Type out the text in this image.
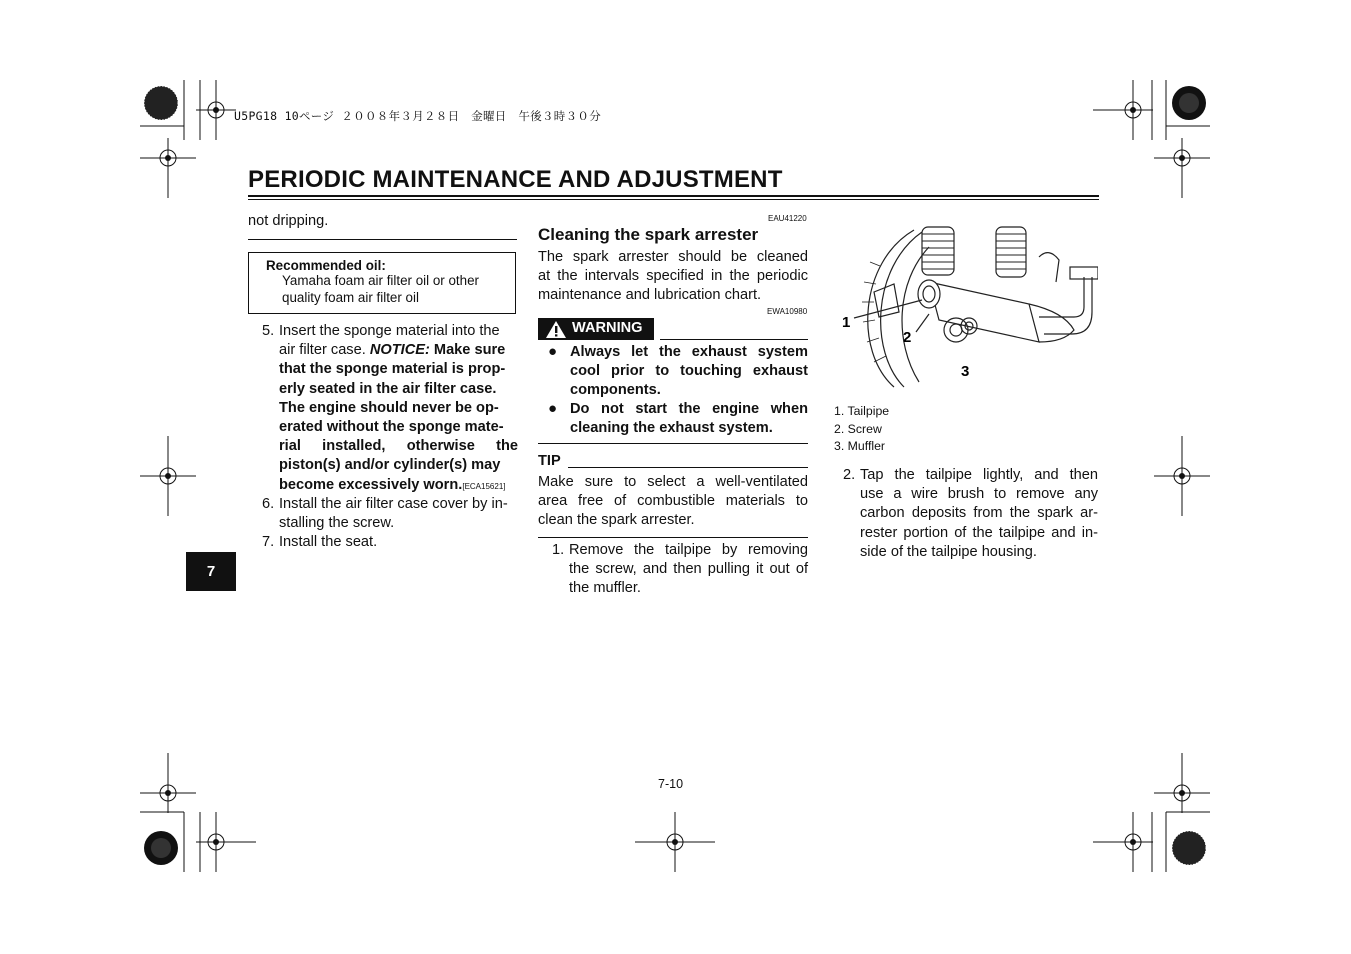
U5PG18 10ページ ２００８年３月２８日　金曜日　午後３時３０分
PERIODIC MAINTENANCE AND ADJUSTMENT
not dripping.
Recommended oil:
Yamaha foam air filter oil or other
quality foam air filter oil
5. Insert the sponge material into the
air filter case. NOTICE: Make sure
that the sponge material is prop-
erly seated in the air filter case.
The engine should never be op-
erated without the sponge mate-
rial installed, otherwise the
piston(s) and/or cylinder(s) may
become excessively worn.[ECA15621]
6. Install the air filter case cover by in-
stalling the screw.
7. Install the seat.
7
EAU41220
Cleaning the spark arrester
The spark arrester should be cleaned
at the intervals specified in the periodic
maintenance and lubrication chart.
EWA10980
WARNING
● Always let the exhaust system
cool prior to touching exhaust
components.
● Do not start the engine when
cleaning the exhaust system.
TIP
Make sure to select a well-ventilated
area free of combustible materials to
clean the spark arrester.
1. Remove the tailpipe by removing
the screw, and then pulling it out of
the muffler.
1
2
3
1. Tailpipe
2. Screw
3. Muffler
2. Tap the tailpipe lightly, and then
use a wire brush to remove any
carbon deposits from the spark ar-
rester portion of the tailpipe and in-
side of the tailpipe housing.
7-10
